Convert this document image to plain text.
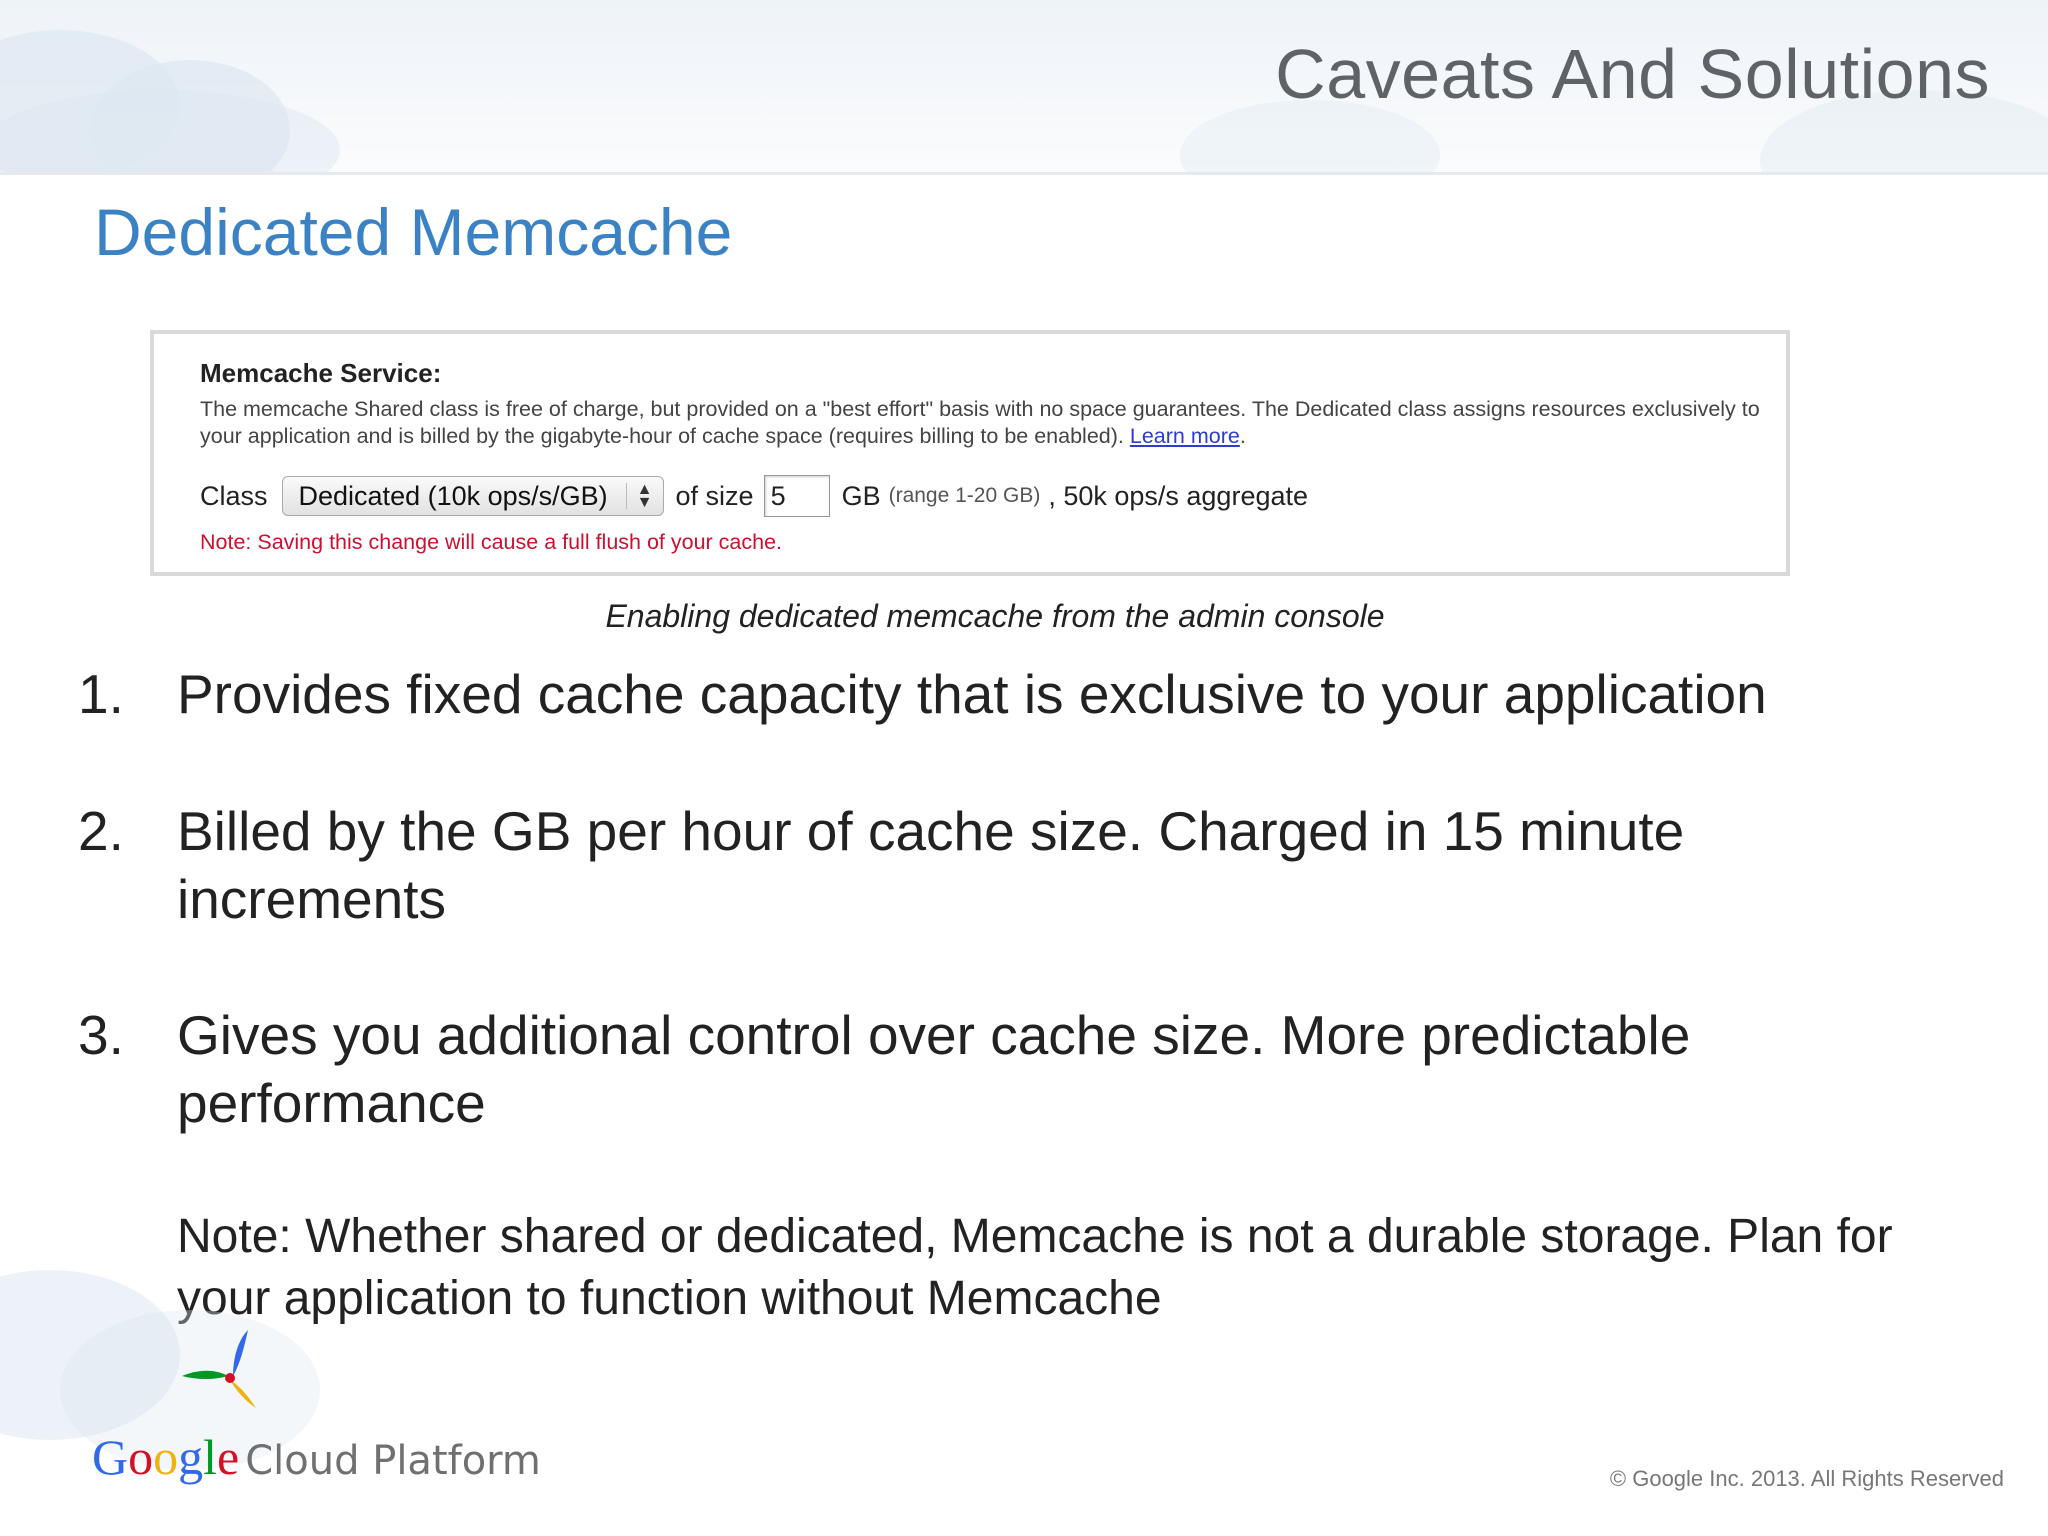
Caveats And Solutions
Dedicated Memcache
Memcache Service:
The memcache Shared class is free of charge, but provided on a "best effort" basis with no space guarantees. The Dedicated class assigns resources exclusively to your application and is billed by the gigabyte-hour of cache space (requires billing to be enabled). Learn more.
Class Dedicated (10k ops/s/GB)	▲
▼ of size 5	GB (range 1-20 GB) , 50k ops/s aggregate
Note: Saving this change will cause a full flush of your cache.
Enabling dedicated memcache from the admin console
1. Provides fixed cache capacity that is exclusive to your application
2. Billed by the GB per hour of cache size. Charged in 15 minute increments
3. Gives you additional control over cache size. More predictable performance
Note: Whether shared or dedicated, Memcache is not a durable storage. Plan for your application to function without Memcache
Google Cloud Platform	© Google Inc. 2013. All Rights Reserved
